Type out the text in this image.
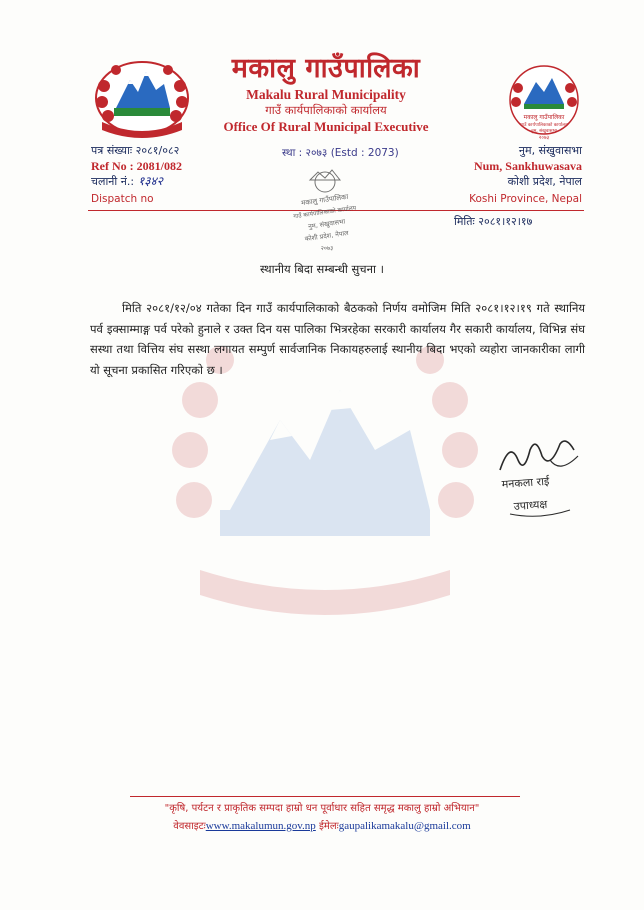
मकालु गाउँपालिका
Makalu Rural Municipality
गाउँ कार्यपालिकाको कार्यालय
Office Of Rural Municipal Executive
मकालु गाउँपालिका
गाउँ कार्यपालिकाको कार्यालय
नुम, संखुवासभा
२०७३
पत्र संख्याः २०८१/०८२
Ref No : 2081/082
चलानी नं.: १३४२
Dispatch no
स्था : २०७३ (Estd : 2073)	नुम, संखुवासभा
Num, Sankhuwasava
कोशी प्रदेश, नेपाल
Koshi Province, Nepal
मकालु गाउँपालिका
गाउँ कार्यपालिकाको कार्यालय
नुम, संखुवासभा
कोशी प्रदेश, नेपाल
२०७३
मितिः २०८१।१२।१७
स्थानीय बिदा सम्बन्धी सुचना ।

मिति २०८१/१२/०४ गतेका दिन गाउँ कार्यपालिकाको बैठकको निर्णय वमोजिम मिति २०८१।१२।१९ गते स्थानिय पर्व इक्साम्माङ्ग पर्व परेको हुनाले र उक्त दिन यस पालिका भित्ररहेका सरकारी कार्यालय गैर सकारी कार्यालय, विभिन्न संघ सस्था तथा वित्तिय संघ सस्था लगायत सम्पुर्ण सार्वजानिक निकायहरुलाई स्थानीय बिदा भएको व्यहोरा जानकारीका लागी यो सूचना प्रकासित गरिएको छ ।

मनकला राई
उपाध्यक्ष
"कृषि, पर्यटन र प्राकृतिक सम्पदा हाम्रो धन पूर्वाधार सहित समृद्ध मकालु हाम्रो अभियान"
वेवसाइटःwww.makalumun.gov.np ईमेलःgaupalikamakalu@gmail.com
